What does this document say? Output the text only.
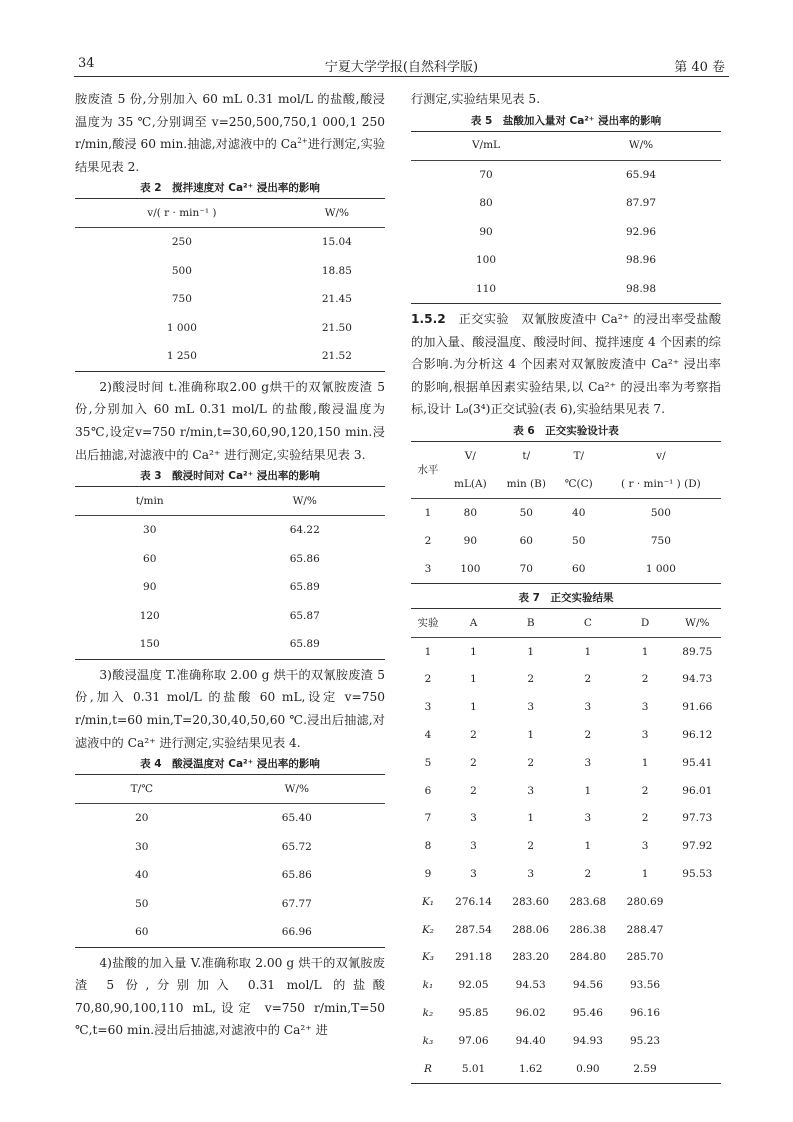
34	宁夏大学学报(自然科学版)	第 40 卷

胺废渣 5 份,分别加入 60 mL 0.31 mol/L 的盐酸,酸浸温度为 35 ℃,分别调至 v=250,500,750,1 000,1 250 r/min,酸浸 60 min.抽滤,对滤液中的 $Ca^{2+}$进行测定,实验结果见表 2.

表 2　搅拌速度对 Ca²⁺ 浸出率的影响
v/( r · min⁻¹ )	W/%
250	15.04
500	18.85
750	21.45
1 000	21.50
1 250	21.52

2)酸浸时间 t.准确称取2.00 g烘干的双氰胺废渣 5 份,分别加入 60 mL 0.31 mol/L 的盐酸,酸浸温度为 35℃,设定v=750 r/min,t=30,60,90,120,150 min.浸出后抽滤,对滤液中的 Ca²⁺ 进行测定,实验结果见表 3.

表 3　酸浸时间对 Ca²⁺ 浸出率的影响
t/min	W/%
30	64.22
60	65.86
90	65.89
120	65.87
150	65.89

3)酸浸温度 T.准确称取 2.00 g 烘干的双氰胺废渣 5 份,加入 0.31 mol/L 的盐酸 60 mL,设定 v=750 r/min,t=60 min,T=20,30,40,50,60 ℃.浸出后抽滤,对滤液中的 Ca²⁺ 进行测定,实验结果见表 4.

表 4　酸浸温度对 Ca²⁺ 浸出率的影响
T/℃	W/%
20	65.40
30	65.72
40	65.86
50	67.77
60	66.96

4)盐酸的加入量 V.准确称取 2.00 g 烘干的双氰胺废渣 5 份,分别加入 0.31 mol/L 的盐酸 70,80,90,100,110 mL,设定 v=750 r/min,T=50 ℃,t=60 min.浸出后抽滤,对滤液中的 Ca²⁺ 进

行测定,实验结果见表 5.

表 5　盐酸加入量对 Ca²⁺ 浸出率的影响
V/mL	W/%
70	65.94
80	87.97
90	92.96
100	98.96
110	98.98

1.5.2　 正交实验　 双氰胺废渣中 Ca²⁺ 的浸出率受盐酸的加入量、酸浸温度、酸浸时间、搅拌速度 4 个因素的综合影响.为分析这 4 个因素对双氰胺废渣中 Ca²⁺ 浸出率的影响,根据单因素实验结果,以 Ca²⁺ 的浸出率为考察指标,设计 L₉(3⁴)正交试验(表 6),实验结果见表 7.

表 6　正交实验设计表
水平	V/	t/	T/	v/
	mL(A)	min (B)	℃(C)	( r · min⁻¹ ) (D)
1	80	50	40	500
2	90	60	50	750
3	100	70	60	1 000
表 7　正交实验结果
实验	A	B	C	D	W/%
1	1	1	1	1	89.75
2	1	2	2	2	94.73
3	1	3	3	3	91.66
4	2	1	2	3	96.12
5	2	2	3	1	95.41
6	2	3	1	2	96.01
7	3	1	3	2	97.73
8	3	2	1	3	97.92
9	3	3	2	1	95.53
K₁	276.14	283.60	283.68	280.69	
K₂	287.54	288.06	286.38	288.47	
K₃	291.18	283.20	284.80	285.70	
k₁	92.05	94.53	94.56	93.56	
k₂	95.85	96.02	95.46	96.16	
k₃	97.06	94.40	94.93	95.23	
R	5.01	1.62	0.90	2.59	
